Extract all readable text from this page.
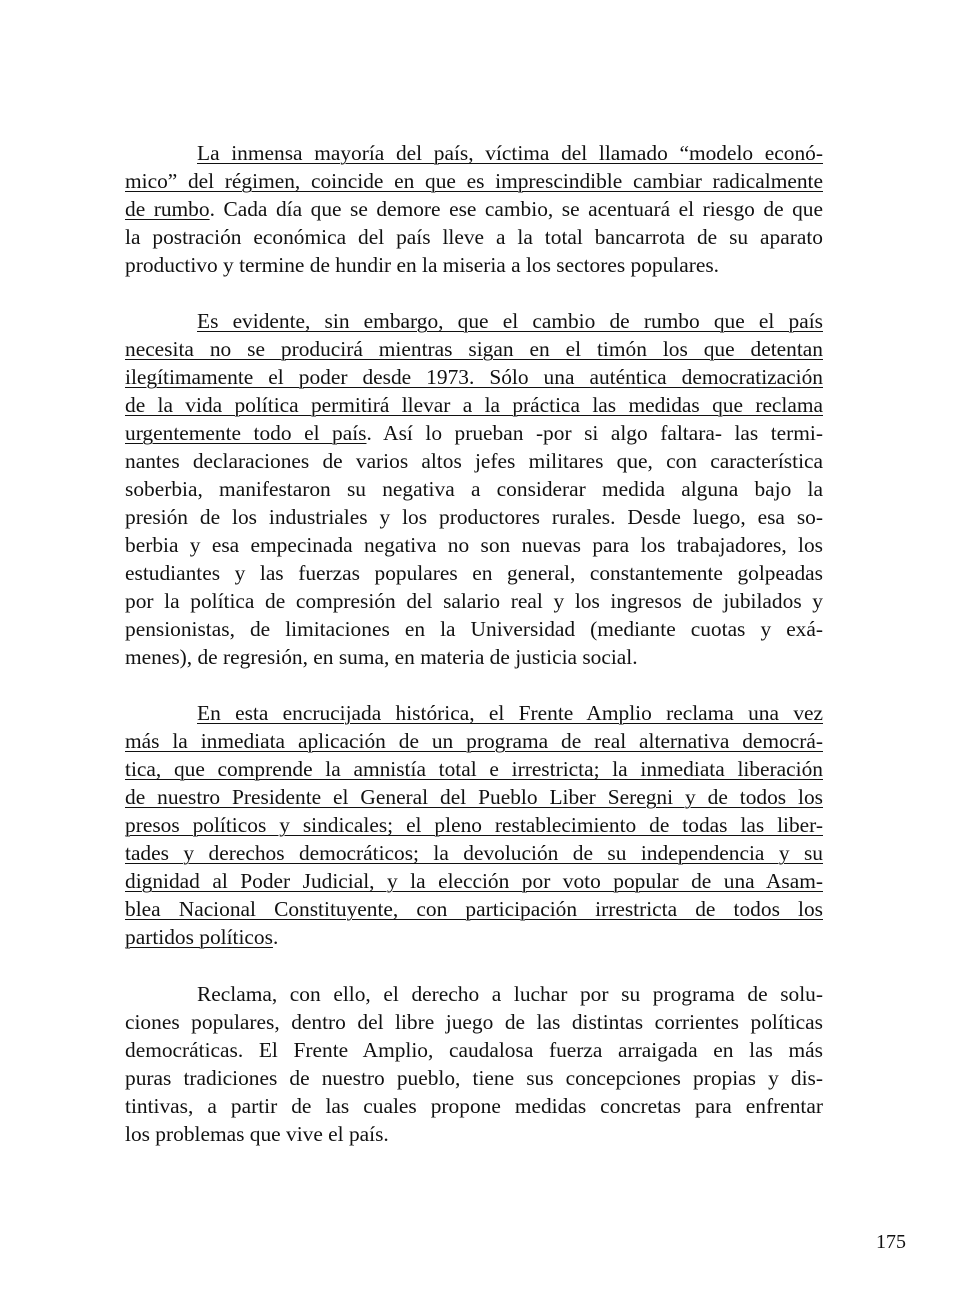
La inmensa mayoría del país, víctima del llamado “modelo econó-
mico” del régimen, coincide en que es imprescindible cambiar radicalmente
de rumbo. Cada día que se demore ese cambio, se acentuará el riesgo de que
la postración económica del país lleve a la total bancarrota de su aparato
productivo y termine de hundir en la miseria a los sectores populares.
Es evidente, sin embargo, que el cambio de rumbo que el país
necesita no se producirá mientras sigan en el timón los que detentan
ilegítimamente el poder desde 1973. Sólo una auténtica democratización
de la vida política permitirá llevar a la práctica las medidas que reclama
urgentemente todo el país. Así lo prueban -por si algo faltara- las termi-
nantes declaraciones de varios altos jefes militares que, con característica
soberbia, manifestaron su negativa a considerar medida alguna bajo la
presión de los industriales y los productores rurales. Desde luego, esa so-
berbia y esa empecinada negativa no son nuevas para los trabajadores, los
estudiantes y las fuerzas populares en general, constantemente golpeadas
por la política de compresión del salario real y los ingresos de jubilados y
pensionistas, de limitaciones en la Universidad (mediante cuotas y exá-
menes), de regresión, en suma, en materia de justicia social.
En esta encrucijada histórica, el Frente Amplio reclama una vez
más la inmediata aplicación de un programa de real alternativa democrá-
tica, que comprende la amnistía total e irrestricta; la inmediata liberación
de nuestro Presidente el General del Pueblo Liber Seregni y de todos los
presos políticos y sindicales; el pleno restablecimiento de todas las liber-
tades y derechos democráticos; la devolución de su independencia y su
dignidad al Poder Judicial, y la elección por voto popular de una Asam-
blea Nacional Constituyente, con participación irrestricta de todos los
partidos políticos.
Reclama, con ello, el derecho a luchar por su programa de solu-
ciones populares, dentro del libre juego de las distintas corrientes políticas
democráticas. El Frente Amplio, caudalosa fuerza arraigada en las más
puras tradiciones de nuestro pueblo, tiene sus concepciones propias y dis-
tintivas, a partir de las cuales propone medidas concretas para enfrentar
los problemas que vive el país.
175
